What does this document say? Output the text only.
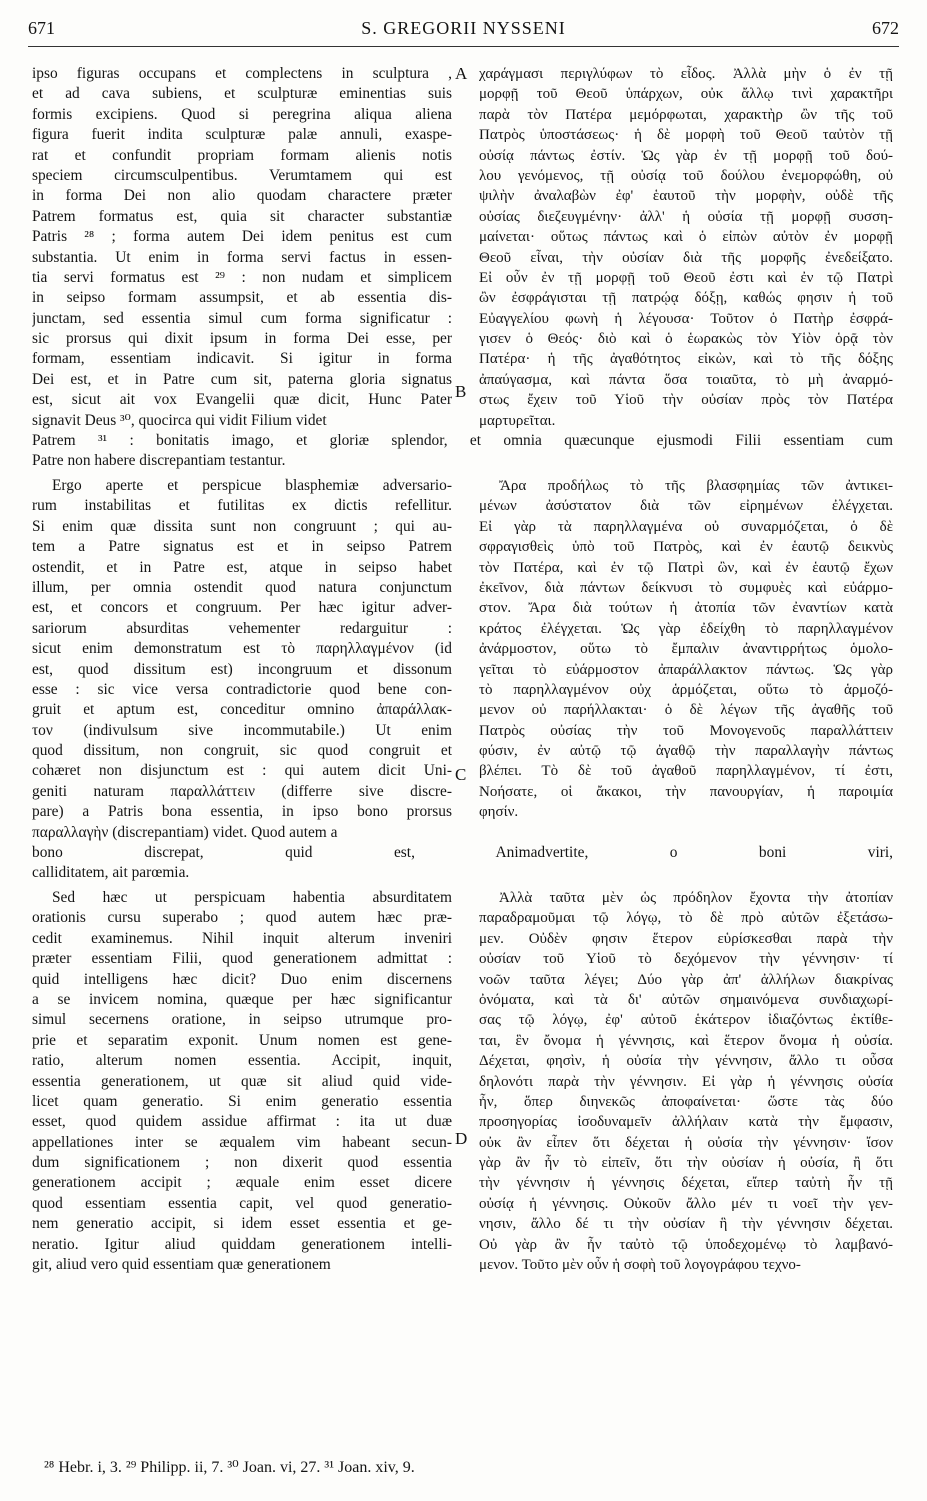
671	S. GREGORII NYSSENI	672
ipso figuras occupans et complectens in sculptura ,
et ad cava subiens, et sculpturæ eminentias suis
formis excipiens. Quod si peregrina aliqua aliena
figura fuerit indita sculpturæ palæ annuli, exaspe-
rat et confundit propriam formam alienis notis
speciem circumsculpentibus. Verumtamem qui est
in forma Dei non alio quodam charactere præter
Patrem formatus est, quia sit character substantiæ
Patris ²⁸ ; forma autem Dei idem penitus est cum
substantia. Ut enim in forma servi factus in essen-
tia servi formatus est ²⁹ : non nudam et simplicem
in seipso formam assumpsit, et ab essentia dis-
junctam, sed essentia simul cum forma significatur :
sic prorsus qui dixit ipsum in forma Dei esse, per
formam, essentiam indicavit. Si igitur in forma
Dei est, et in Patre cum sit, paterna gloria signatus
est, sicut ait vox Evangelii quæ dicit, Hunc Pater
signavit Deus ³⁰, quocirca qui vidit Filium videt
χαράγμασι περιγλύφων τὸ εἶδος. Ἀλλὰ μὴν ὁ ἐν τῇ
μορφῇ τοῦ Θεοῦ ὑπάρχων, οὐκ ἄλλῳ τινὶ χαρακτῆρι
παρὰ τὸν Πατέρα μεμόρφωται, χαρακτὴρ ὢν τῆς τοῦ
Πατρὸς ὑποστάσεως· ἡ δὲ μορφὴ τοῦ Θεοῦ ταὐτὸν τῇ
οὐσίᾳ πάντως ἐστίν. Ὡς γὰρ ἐν τῇ μορφῇ τοῦ δού-
λου γενόμενος, τῇ οὐσίᾳ τοῦ δούλου ἐνεμορφώθη, οὐ
ψιλὴν ἀναλαβὼν ἐφ' ἑαυτοῦ τὴν μορφὴν, οὐδὲ τῆς
οὐσίας διεζευγμένην· ἀλλ' ἡ οὐσία τῇ μορφῇ συσση-
μαίνεται· οὕτως πάντως καὶ ὁ εἰπὼν αὐτὸν ἐν μορφῇ
Θεοῦ εἶναι, τὴν οὐσίαν διὰ τῆς μορφῆς ἐνεδείξατο.
Εἰ οὖν ἐν τῇ μορφῇ τοῦ Θεοῦ ἐστι καὶ ἐν τῷ Πατρὶ
ὢν ἐσφράγισται τῇ πατρῴᾳ δόξῃ, καθώς φησιν ἡ τοῦ
Εὐαγγελίου φωνὴ ἡ λέγουσα· Τοῦτον ὁ Πατὴρ ἐσφρά-
γισεν ὁ Θεός· διὸ καὶ ὁ ἑωρακὼς τὸν Υἱὸν ὁρᾷ τὸν
Πατέρα· ἡ τῆς ἀγαθότητος εἰκὼν, καὶ τὸ τῆς δόξης
ἀπαύγασμα, καὶ πάντα ὅσα τοιαῦτα, τὸ μὴ ἀναρμό-
στως ἔχειν τοῦ Υἱοῦ τὴν οὐσίαν πρὸς τὸν Πατέρα
μαρτυρεῖται.
Patrem ³¹ : bonitatis imago, et gloriæ splendor, et omnia quæcunque ejusmodi Filii essentiam cum
Patre non habere discrepantiam testantur.
Ergo aperte et perspicue blasphemiæ adversario-
rum instabilitas et futilitas ex dictis refellitur.
Si enim quæ dissita sunt non congruunt ; qui au-
tem a Patre signatus est et in seipso Patrem
ostendit, et in Patre est, atque in seipso habet
illum, per omnia ostendit quod natura conjunctum
est, et concors et congruum. Per hæc igitur adver-
sariorum absurditas vehementer redarguitur :
sicut enim demonstratum est τὸ παρηλλαγμένον (id
est, quod dissitum est) incongruum et dissonum
esse : sic vice versa contradictorie quod bene con-
gruit et aptum est, conceditur omnino ἀπαράλλακ-
τον (indivulsum sive incommutabile.) Ut enim
quod dissitum, non congruit, sic quod congruit et
cohæret non disjunctum est : qui autem dicit Uni-
geniti naturam παραλλάττειν (differre sive discre-
pare) a Patris bona essentia, in ipso bono prorsus
παραλλαγὴν (discrepantiam) videt. Quod autem a
Ἄρα προδήλως τὸ τῆς βλασφημίας τῶν ἀντικει-
μένων ἀσύστατον διὰ τῶν εἰρημένων ἐλέγχεται.
Εἰ γὰρ τὰ παρηλλαγμένα οὐ συναρμόζεται, ὁ δὲ
σφραγισθεὶς ὑπὸ τοῦ Πατρὸς, καὶ ἐν ἑαυτῷ δεικνὺς
τὸν Πατέρα, καὶ ἐν τῷ Πατρὶ ὢν, καὶ ἐν ἑαυτῷ ἔχων
ἐκεῖνον, διὰ πάντων δείκνυσι τὸ συμφυὲς καὶ εὐάρμο-
στον. Ἄρα διὰ τούτων ἡ ἀτοπία τῶν ἐναντίων κατὰ
κράτος ἐλέγχεται. Ὡς γὰρ ἐδείχθη τὸ παρηλλαγμένον
ἀνάρμοστον, οὕτω τὸ ἔμπαλιν ἀναντιρρήτως ὁμολο-
γεῖται τὸ εὐάρμοστον ἀπαράλλακτον πάντως. Ὡς γὰρ
τὸ παρηλλαγμένον οὐχ ἁρμόζεται, οὕτω τὸ ἁρμοζό-
μενον οὐ παρήλλακται· ὁ δὲ λέγων τῆς ἀγαθῆς τοῦ
Πατρὸς οὐσίας τὴν τοῦ Μονογενοῦς παραλλάττειν
φύσιν, ἐν αὐτῷ τῷ ἀγαθῷ τὴν παραλλαγὴν πάντως
βλέπει. Τὸ δὲ τοῦ ἀγαθοῦ παρηλλαγμένον, τί ἐστι,
Νοήσατε, οἱ ἄκακοι, τὴν πανουργίαν, ἡ παροιμία
φησίν.
bono discrepat, quid est, Animadvertite, o boni viri,
calliditatem, ait parœmia.
Sed hæc ut perspicuam habentia absurditatem
orationis cursu superabo ; quod autem hæc præ-
cedit examinemus. Nihil inquit alterum inveniri
præter essentiam Filii, quod generationem admittat :
quid intelligens hæc dicit? Duo enim discernens
a se invicem nomina, quæque per hæc significantur
simul secernens oratione, in seipso utrumque pro-
prie et separatim exponit. Unum nomen est gene-
ratio, alterum nomen essentia. Accipit, inquit,
essentia generationem, ut quæ sit aliud quid vide-
licet quam generatio. Si enim generatio essentia
esset, quod quidem assidue affirmat : ita ut duæ
appellationes inter se æqualem vim habeant secun-
dum significationem ; non dixerit quod essentia
generationem accipit ; æquale enim esset dicere
quod essentiam essentia capit, vel quod generatio-
nem generatio accipit, si idem esset essentia et ge-
neratio. Igitur aliud quiddam generationem intelli-
git, aliud vero quid essentiam quæ generationem
Ἀλλὰ ταῦτα μὲν ὡς πρόδηλον ἔχοντα τὴν ἀτοπίαν
παραδραμοῦμαι τῷ λόγῳ, τὸ δὲ πρὸ αὐτῶν ἐξετάσω-
μεν. Οὐδὲν φησιν ἕτερον εὑρίσκεσθαι παρὰ τὴν
οὐσίαν τοῦ Υἱοῦ τὸ δεχόμενον τὴν γέννησιν· τί
νοῶν ταῦτα λέγει; Δύο γὰρ ἀπ' ἀλλήλων διακρίνας
ὀνόματα, καὶ τὰ δι' αὐτῶν σημαινόμενα συνδιαχωρί-
σας τῷ λόγῳ, ἐφ' αὐτοῦ ἑκάτερον ἰδιαζόντως ἐκτίθε-
ται, ἓν ὄνομα ἡ γέννησις, καὶ ἕτερον ὄνομα ἡ οὐσία.
Δέχεται, φησὶν, ἡ οὐσία τὴν γέννησιν, ἄλλο τι οὖσα
δηλονότι παρὰ τὴν γέννησιν. Εἰ γὰρ ἡ γέννησις οὐσία
ἦν, ὅπερ διηνεκῶς ἀποφαίνεται· ὥστε τὰς δύο
προσηγορίας ἰσοδυναμεῖν ἀλλήλαιν κατὰ τὴν ἔμφασιν,
οὐκ ἂν εἶπεν ὅτι δέχεται ἡ οὐσία τὴν γέννησιν· ἴσον
γὰρ ἂν ἦν τὸ εἰπεῖν, ὅτι τὴν οὐσίαν ἡ οὐσία, ἢ ὅτι
τὴν γέννησιν ἡ γέννησις δέχεται, εἴπερ ταὐτὴ ἦν τῇ
οὐσίᾳ ἡ γέννησις. Οὐκοῦν ἄλλο μέν τι νοεῖ τὴν γεν-
νησιν, ἄλλο δέ τι τὴν οὐσίαν ἣ τὴν γέννησιν δέχεται.
Οὐ γὰρ ἂν ἦν ταὐτὸ τῷ ὑποδεχομένῳ τὸ λαμβανό-
μενον. Τοῦτο μὲν οὖν ἡ σοφὴ τοῦ λογογράφου τεχνο-
A
B
C
D
²⁸ Hebr. i, 3. ²⁹ Philipp. ii, 7. ³⁰ Joan. vi, 27. ³¹ Joan. xiv, 9.
